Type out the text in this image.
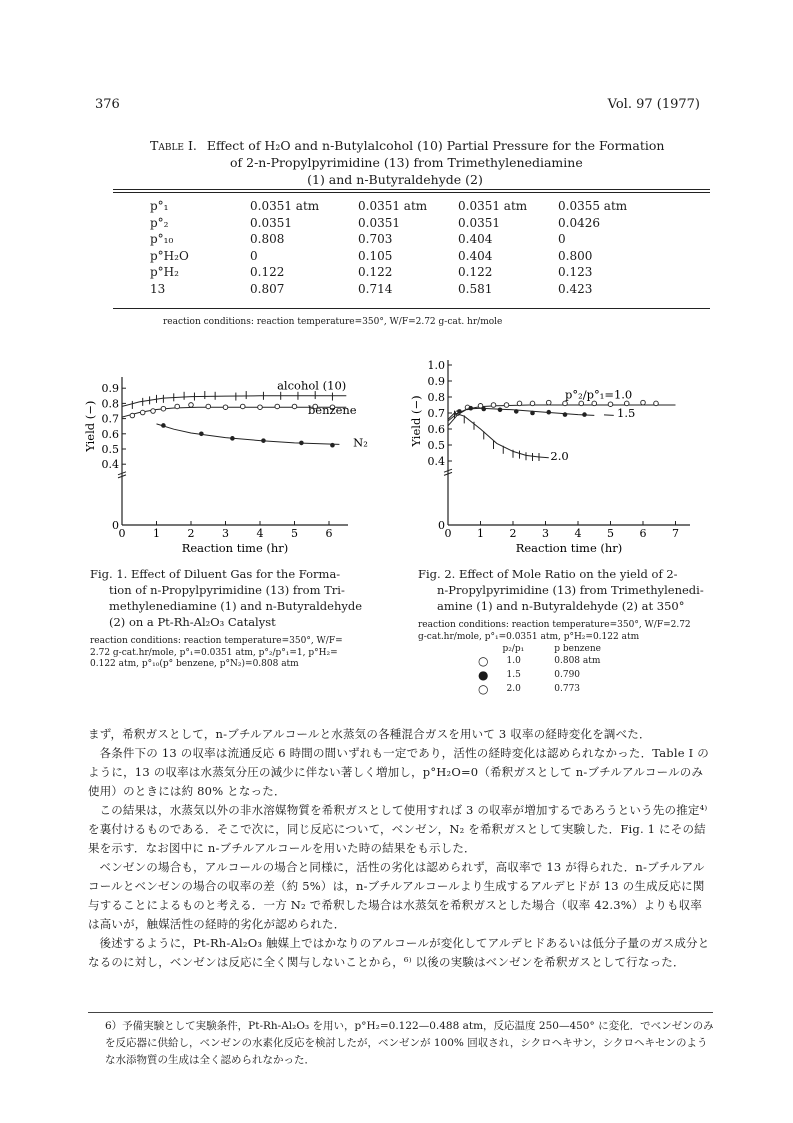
376	Vol. 97 (1977)
Table I. Effect of H₂O and n-Butylalcohol (10) Partial Pressure for the Formation
of 2-n-Propylpyrimidine (13) from Trimethylenediamine
(1) and n-Butyraldehyde (2)
p°₁	0.0351 atm	0.0351 atm	0.0351 atm	0.0355 atm
p°₂	0.0351	0.0351	0.0351	0.0426
p°₁₀	0.808	0.703	0.404	0
p°H₂O	0	0.105	0.404	0.800
p°H₂	0.122	0.122	0.122	0.123
13	0.807	0.714	0.581	0.423
reaction conditions: reaction temperature=350°, W/F=2.72 g-cat. hr/mole
0	1	2	3	4	5	6
0
0.4
0.5
0.6
0.7
0.8
0.9
Reaction time (hr)
Yield (−)
alcohol (10)
benzene
N₂
Fig. 1. Effect of Diluent Gas for the Forma-
tion of n-Propylpyrimidine (13) from Tri-
methylenediamine (1) and n-Butyraldehyde
(2) on a Pt-Rh-Al₂O₃ Catalyst
reaction conditions: reaction temperature=350°, W/F=
2.72 g-cat.hr/mole, p°₁=0.0351 atm, p°₂/p°₁=1, p°H₂=
0.122 atm, p°₁₀(p° benzene, p°N₂)=0.808 atm
0 1 2 3 4 5 6 7
0
0.4
0.5
0.6
0.7
0.8
0.9
1.0
Reaction time (hr)
Yield (−)
p°₂/p°₁=1.0
1.5
2.0
Fig. 2. Effect of Mole Ratio on the yield of 2-
n-Propylpyrimidine (13) from Trimethylenedi-
amine (1) and n-Butyraldehyde (2) at 350°
reaction conditions: reaction temperature=350°, W/F=2.72
g-cat.hr/mole, p°₁=0.0351 atm, p°H₂=0.122 atm
	p₂/p₁	p benzene
○	1.0	0.808 atm
●	1.5	0.790
○	2.0	0.773

まず，希釈ガスとして，n-ブチルアルコールと水蒸気の各種混合ガスを用いて 3 収率の経時変化を調べた．

各条件下の 13 の収率は流通反応 6 時間の間いずれも一定であり，活性の経時変化は認められなかった．Table I のように，13 の収率は水蒸気分圧の減少に伴ない著しく増加し，p°H₂O=0（希釈ガスとして n-ブチルアルコールのみ使用）のときには約 80% となった．

この結果は，水蒸気以外の非水溶媒物質を希釈ガスとして使用すれば 3 の収率が増加するであろうという先の推定⁴⁾を裏付けるものである．そこで次に，同じ反応について，ベンゼン，N₂ を希釈ガスとして実験した．Fig. 1 にその結果を示す．なお図中に n-ブチルアルコールを用いた時の結果をも示した．

ベンゼンの場合も，アルコールの場合と同様に，活性の劣化は認められず，高収率で 13 が得られた．n-ブチルアルコールとベンゼンの場合の収率の差（約 5%）は，n-ブチルアルコールより生成するアルデヒドが 13 の生成反応に関与することによるものと考える．一方 N₂ で希釈した場合は水蒸気を希釈ガスとした場合（収率 42.3%）よりも収率は高いが，触媒活性の経時的劣化が認められた．

後述するように，Pt-Rh-Al₂O₃ 触媒上ではかなりのアルコールが変化してアルデヒドあるいは低分子量のガス成分となるのに対し，ベンゼンは反応に全く関与しないことから，⁶⁾ 以後の実験はベンゼンを希釈ガスとして行なった．

6）予備実験として実験条件，Pt-Rh-Al₂O₃ を用い，p°H₂=0.122—0.488 atm，反応温度 250—450° に変化．でベンゼンのみを反応器に供給し，ベンゼンの水素化反応を検討したが，ベンゼンが 100% 回収され，シクロヘキサン，シクロヘキセンのような水添物質の生成は全く認められなかった．
